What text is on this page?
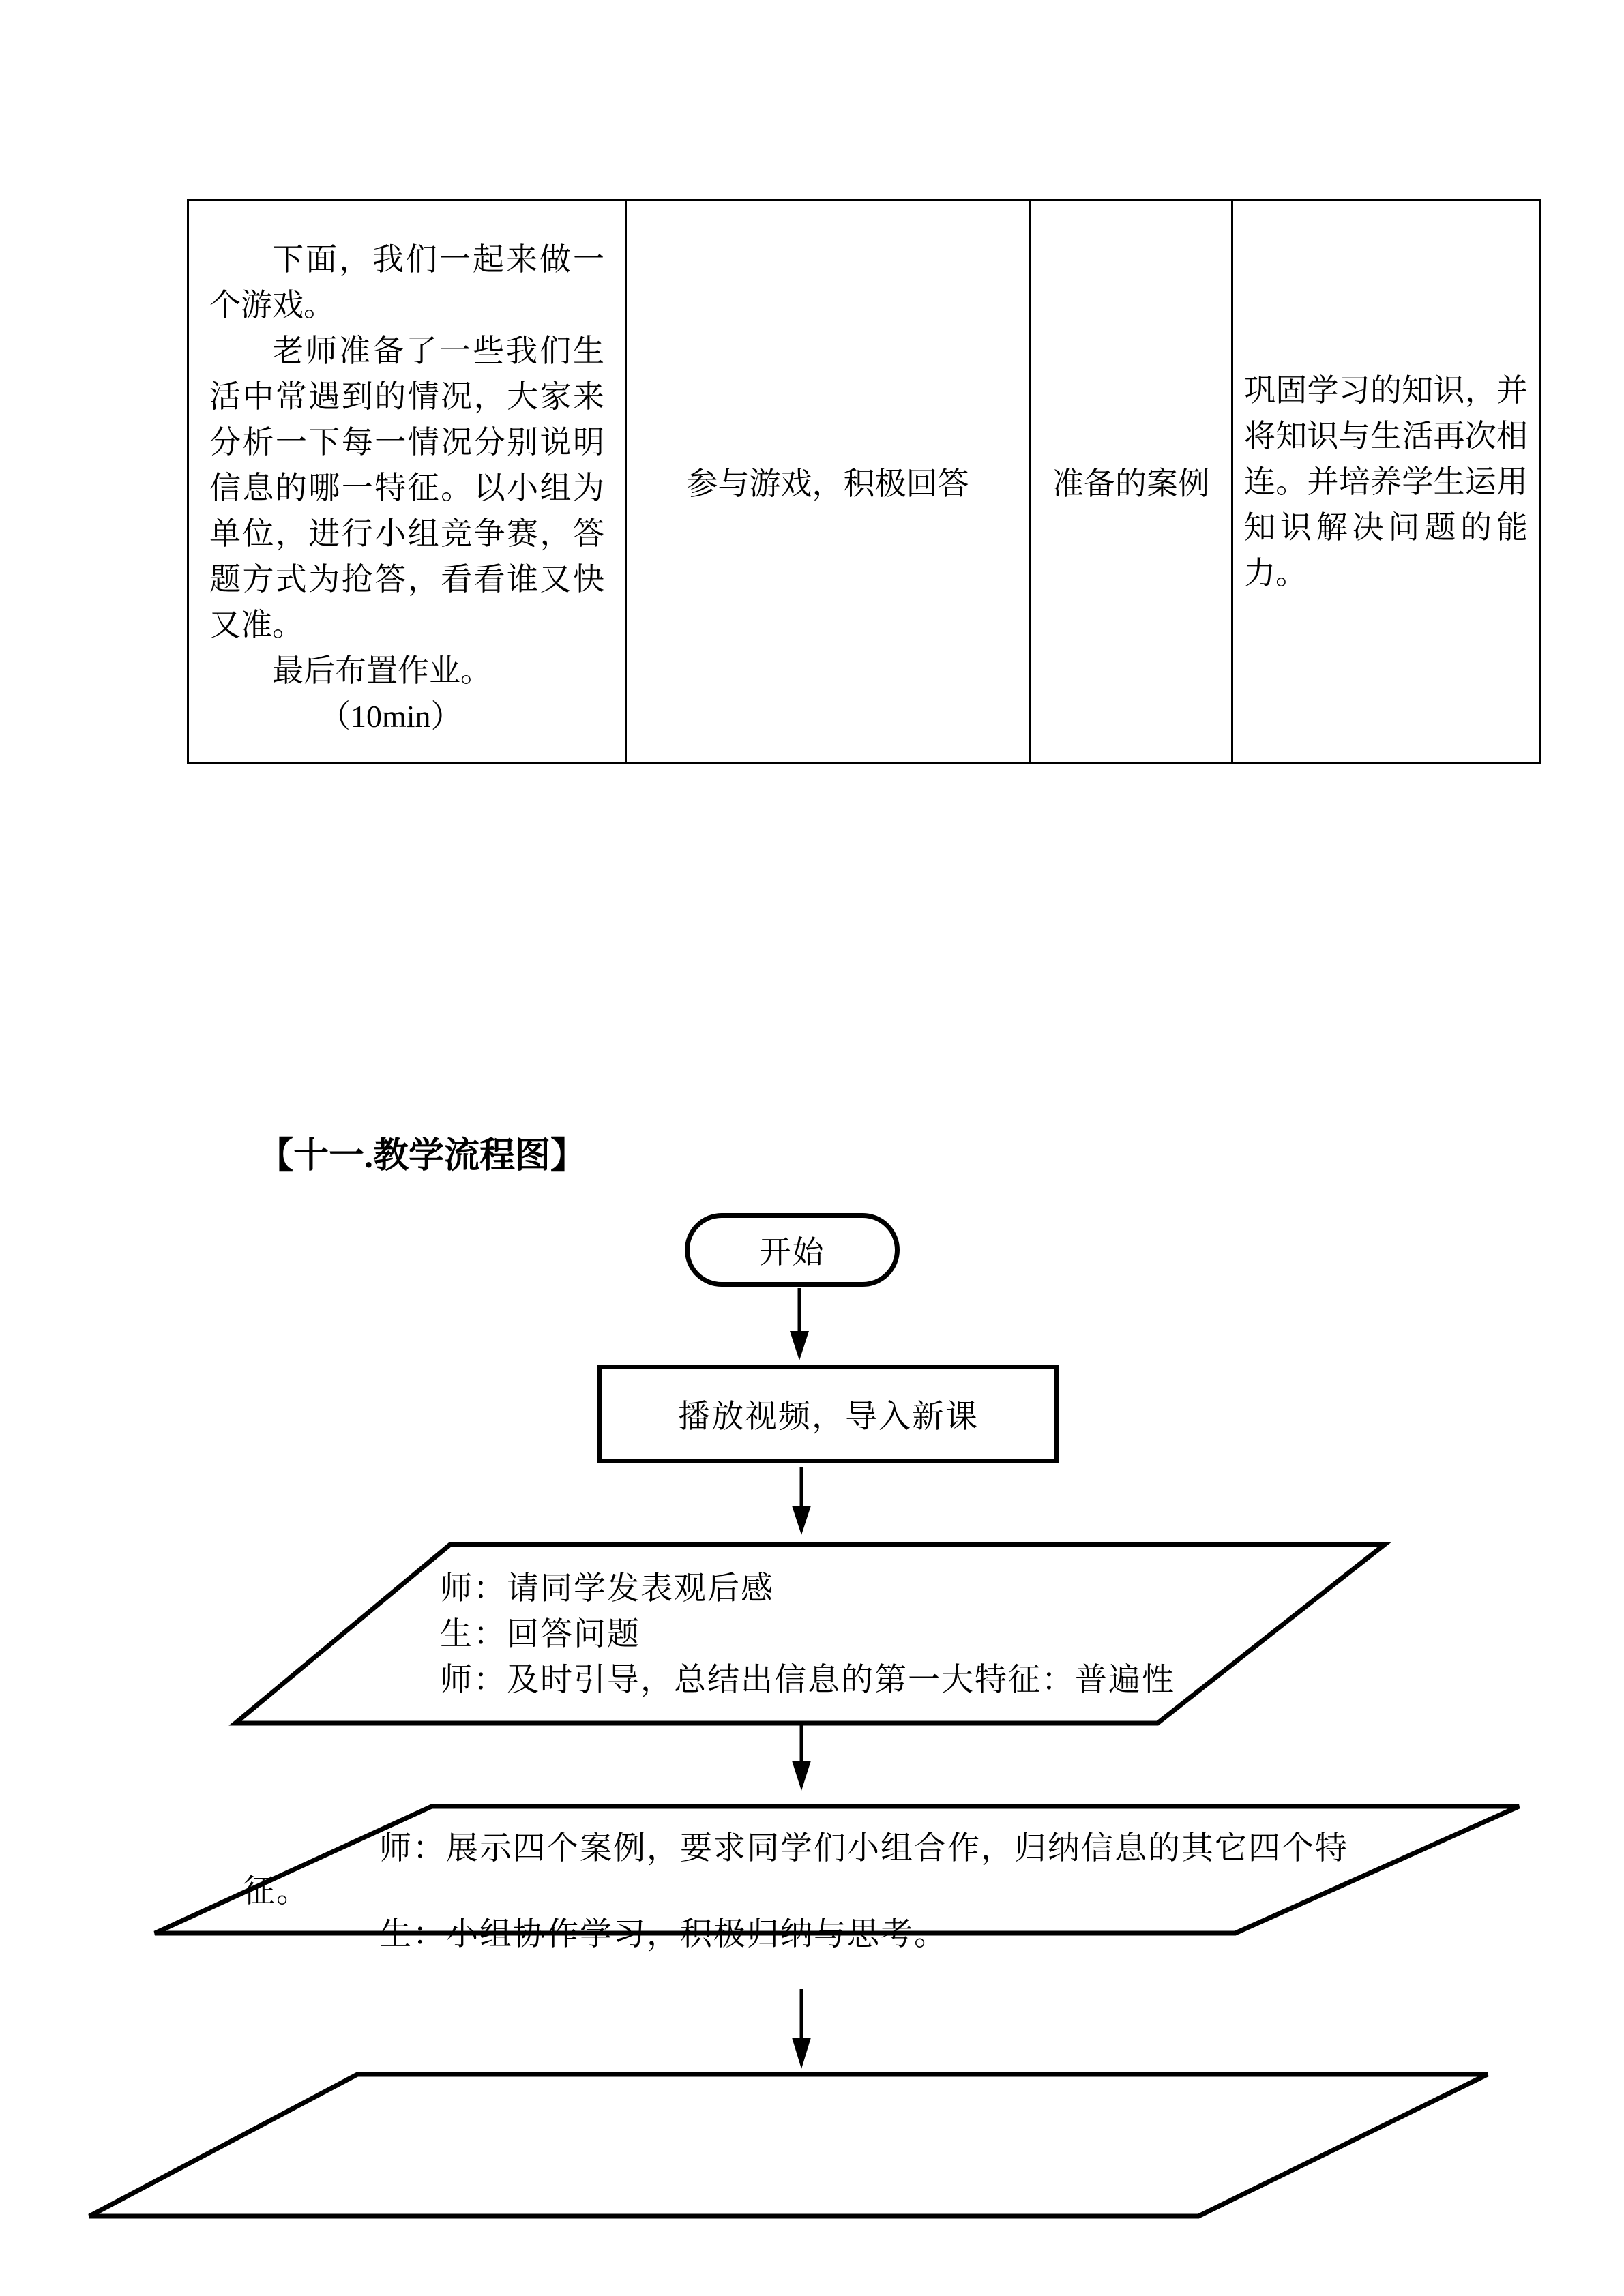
下面，我们一起来做一个游戏。

老师准备了一些我们生活中常遇到的情况，大家来分析一下每一情况分别说明信息的哪一特征。以小组为单位，进行小组竞争赛，答题方式为抢答，看看谁又快又准。

最后布置作业。

（10min）

参与游戏，积极回答	准备的案例

巩固学习的知识，并将知识与生活再次相连。并培养学生运用知识解决问题的能力。

【十一.教学流程图】
开始
播放视频，导入新课
师：请同学发表观后感
生：回答问题
师：及时引导，总结出信息的第一大特征：普遍性
师：展示四个案例，要求同学们小组合作，归纳信息的其它四个特
征。
生：小组协作学习，积极归纳与思考。
